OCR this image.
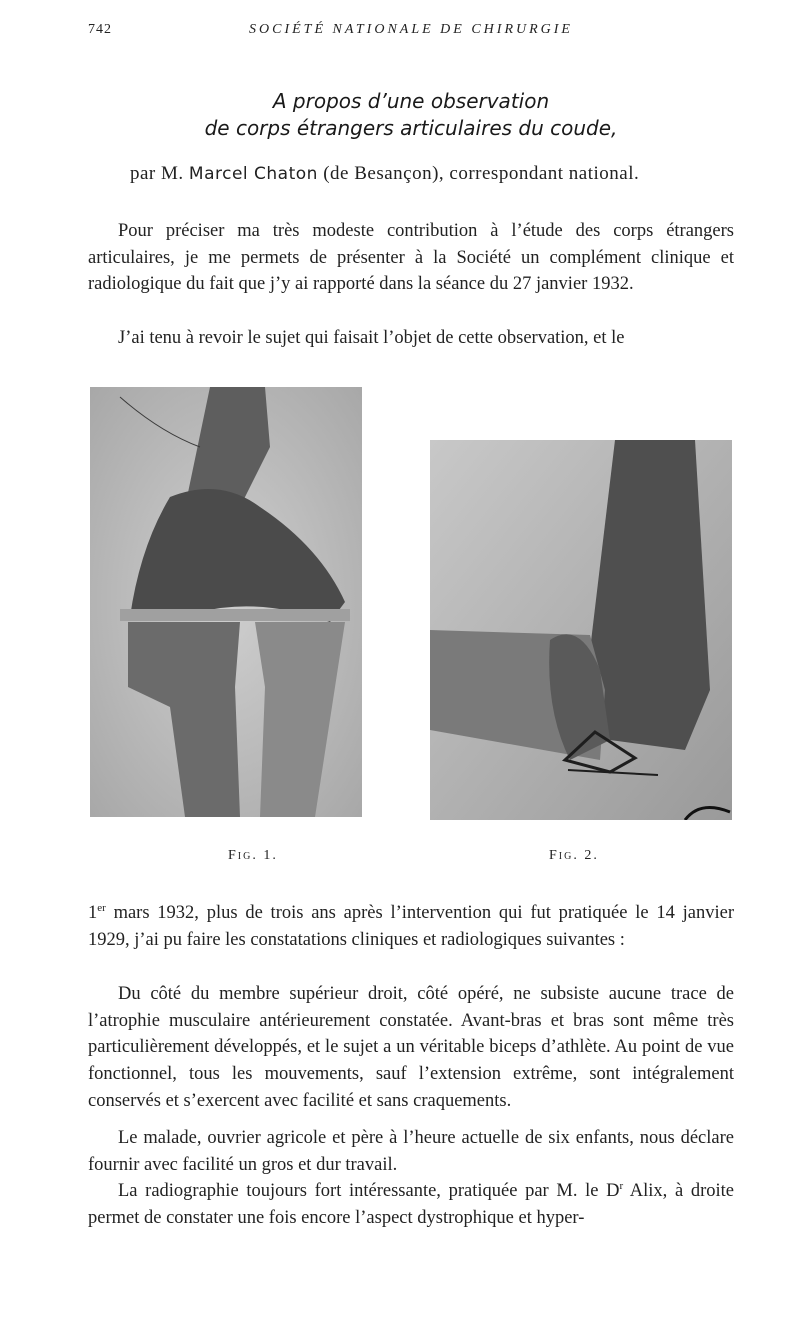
742	SOCIÉTÉ NATIONALE DE CHIRURGIE
A propos d’une observation
de corps étrangers articulaires du coude,
par M. Marcel Chaton (de Besançon), correspondant national.
Pour préciser ma très modeste contribution à l’étude des corps étrangers articulaires, je me permets de présenter à la Société un complément clinique et radiologique du fait que j’y ai rapporté dans la séance du 27 janvier 1932.
J’ai tenu à revoir le sujet qui faisait l’objet de cette observation, et le
Fig. 1.	Fig. 2.
1er mars 1932, plus de trois ans après l’intervention qui fut pratiquée le 14 janvier 1929, j’ai pu faire les constatations cliniques et radiologiques suivantes :
Du côté du membre supérieur droit, côté opéré, ne subsiste aucune trace de l’atrophie musculaire antérieurement constatée. Avant-bras et bras sont même très particulièrement développés, et le sujet a un véritable biceps d’athlète. Au point de vue fonctionnel, tous les mouvements, sauf l’extension extrême, sont intégralement conservés et s’exercent avec facilité et sans craquements.
Le malade, ouvrier agricole et père à l’heure actuelle de six enfants, nous déclare fournir avec facilité un gros et dur travail.
La radiographie toujours fort intéressante, pratiquée par M. le $D^r$ Alix, à droite permet de constater une fois encore l’aspect dystrophique et hyper-
